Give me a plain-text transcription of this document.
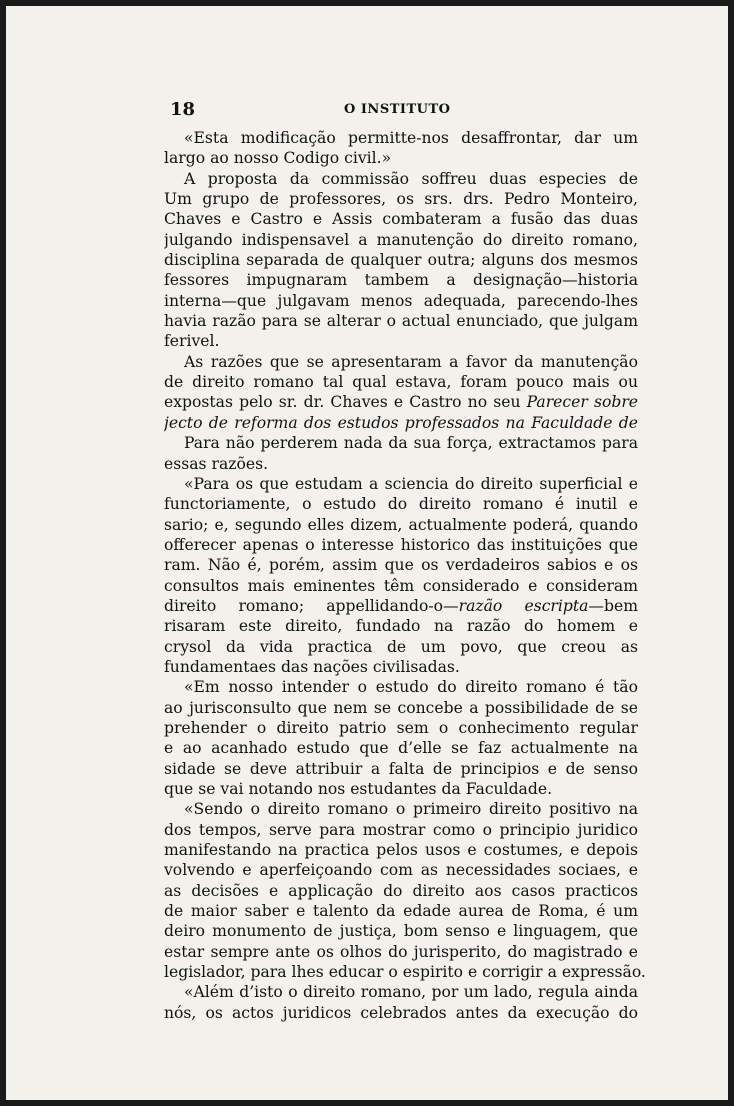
18	O INSTITUTO
«Esta modificação permitte-nos desaffrontar, dar um
largo ao nosso Codigo civil.»
A proposta da commissão soffreu duas especies de
Um grupo de professores, os srs. drs. Pedro Monteiro,
Chaves e Castro e Assis combateram a fusão das duas
julgando indispensavel a manutenção do direito romano,
disciplina separada de qualquer outra; alguns dos mesmos
fessores impugnaram tambem a designação—historia
interna—que julgavam menos adequada, parecendo-lhes
havia razão para se alterar o actual enunciado, que julgam
ferivel.
As razões que se apresentaram a favor da manutenção
de direito romano tal qual estava, foram pouco mais ou
expostas pelo sr. dr. Chaves e Castro no seu Parecer sobre
jecto de reforma dos estudos professados na Faculdade de
Para não perderem nada da sua força, extractamos para
essas razões.
«Para os que estudam a sciencia do direito superficial e
functoriamente, o estudo do direito romano é inutil e
sario; e, segundo elles dizem, actualmente poderá, quando
offerecer apenas o interesse historico das instituições que
ram. Não é, porém, assim que os verdadeiros sabios e os
consultos mais eminentes têm considerado e consideram
direito romano; appellidando-o—razão escripta—bem
risaram este direito, fundado na razão do homem e
crysol da vida practica de um povo, que creou as
fundamentaes das nações civilisadas.
«Em nosso intender o estudo do direito romano é tão
ao jurisconsulto que nem se concebe a possibilidade de se
prehender o direito patrio sem o conhecimento regular
e ao acanhado estudo que d’elle se faz actualmente na
sidade se deve attribuir a falta de principios e de senso
que se vai notando nos estudantes da Faculdade.
«Sendo o direito romano o primeiro direito positivo na
dos tempos, serve para mostrar como o principio juridico
manifestando na practica pelos usos e costumes, e depois
volvendo e aperfeiçoando com as necessidades sociaes, e
as decisões e applicação do direito aos casos practicos
de maior saber e talento da edade aurea de Roma, é um
deiro monumento de justiça, bom senso e linguagem, que
estar sempre ante os olhos do jurisperito, do magistrado e
legislador, para lhes educar o espirito e corrigir a expressão.
«Além d’isto o direito romano, por um lado, regula ainda
nós, os actos juridicos celebrados antes da execução do
